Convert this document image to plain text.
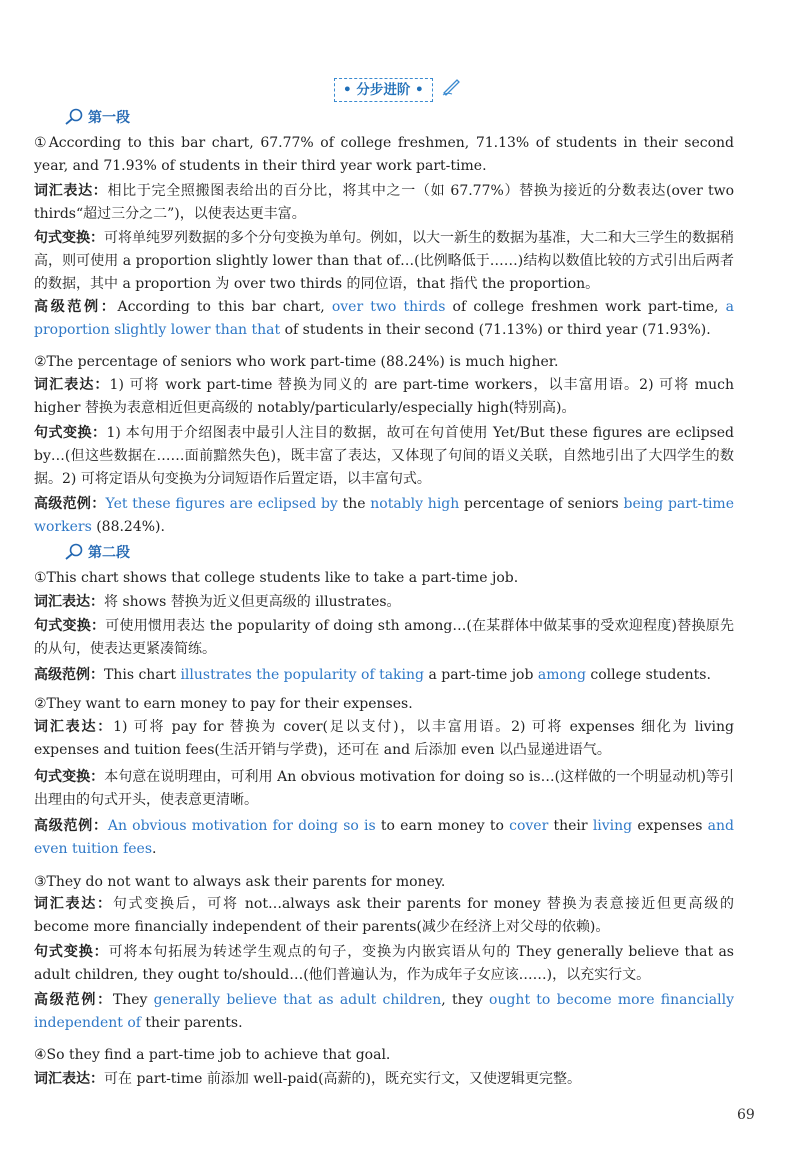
• 分步进阶 •
第一段
①According to this bar chart, 67.77% of college freshmen, 71.13% of students in their second year, and 71.93% of students in their third year work part-time.
词汇表达：相比于完全照搬图表给出的百分比，将其中之一（如 67.77%）替换为接近的分数表达(over two thirds“超过三分之二”)，以使表达更丰富。
句式变换：可将单纯罗列数据的多个分句变换为单句。例如，以大一新生的数据为基准，大二和大三学生的数据稍高，则可使用 a proportion slightly lower than that of…(比例略低于……)结构以数值比较的方式引出后两者的数据，其中 a proportion 为 over two thirds 的同位语，that 指代 the proportion。
高级范例：According to this bar chart, over two thirds of college freshmen work part-time, a proportion slightly lower than that of students in their second (71.13%) or third year (71.93%).
②The percentage of seniors who work part-time (88.24%) is much higher.
词汇表达：1) 可将 work part-time 替换为同义的 are part-time workers，以丰富用语。2) 可将 much higher 替换为表意相近但更高级的 notably/particularly/especially high(特别高)。
句式变换：1) 本句用于介绍图表中最引人注目的数据，故可在句首使用 Yet/But these figures are eclipsed by…(但这些数据在……面前黯然失色)，既丰富了表达，又体现了句间的语义关联，自然地引出了大四学生的数据。2) 可将定语从句变换为分词短语作后置定语，以丰富句式。
高级范例：Yet these figures are eclipsed by the notably high percentage of seniors being part-time workers (88.24%).
第二段
①This chart shows that college students like to take a part-time job.
词汇表达：将 shows 替换为近义但更高级的 illustrates。
句式变换：可使用惯用表达 the popularity of doing sth among…(在某群体中做某事的受欢迎程度)替换原先的从句，使表达更紧凑简练。
高级范例：This chart illustrates the popularity of taking a part-time job among college students.
②They want to earn money to pay for their expenses.
词汇表达：1) 可将 pay for 替换为 cover(足以支付)，以丰富用语。2) 可将 expenses 细化为 living expenses and tuition fees(生活开销与学费)，还可在 and 后添加 even 以凸显递进语气。
句式变换：本句意在说明理由，可利用 An obvious motivation for doing so is…(这样做的一个明显动机)等引出理由的句式开头，使表意更清晰。
高级范例：An obvious motivation for doing so is to earn money to cover their living expenses and even tuition fees.
③They do not want to always ask their parents for money.
词汇表达：句式变换后，可将 not…always ask their parents for money 替换为表意接近但更高级的 become more financially independent of their parents(减少在经济上对父母的依赖)。
句式变换：可将本句拓展为转述学生观点的句子，变换为内嵌宾语从句的 They generally believe that as adult children, they ought to/should…(他们普遍认为，作为成年子女应该……)，以充实行文。
高级范例：They generally believe that as adult children, they ought to become more financially independent of their parents.
④So they find a part-time job to achieve that goal.
词汇表达：可在 part-time 前添加 well-paid(高薪的)，既充实行文，又使逻辑更完整。
69
